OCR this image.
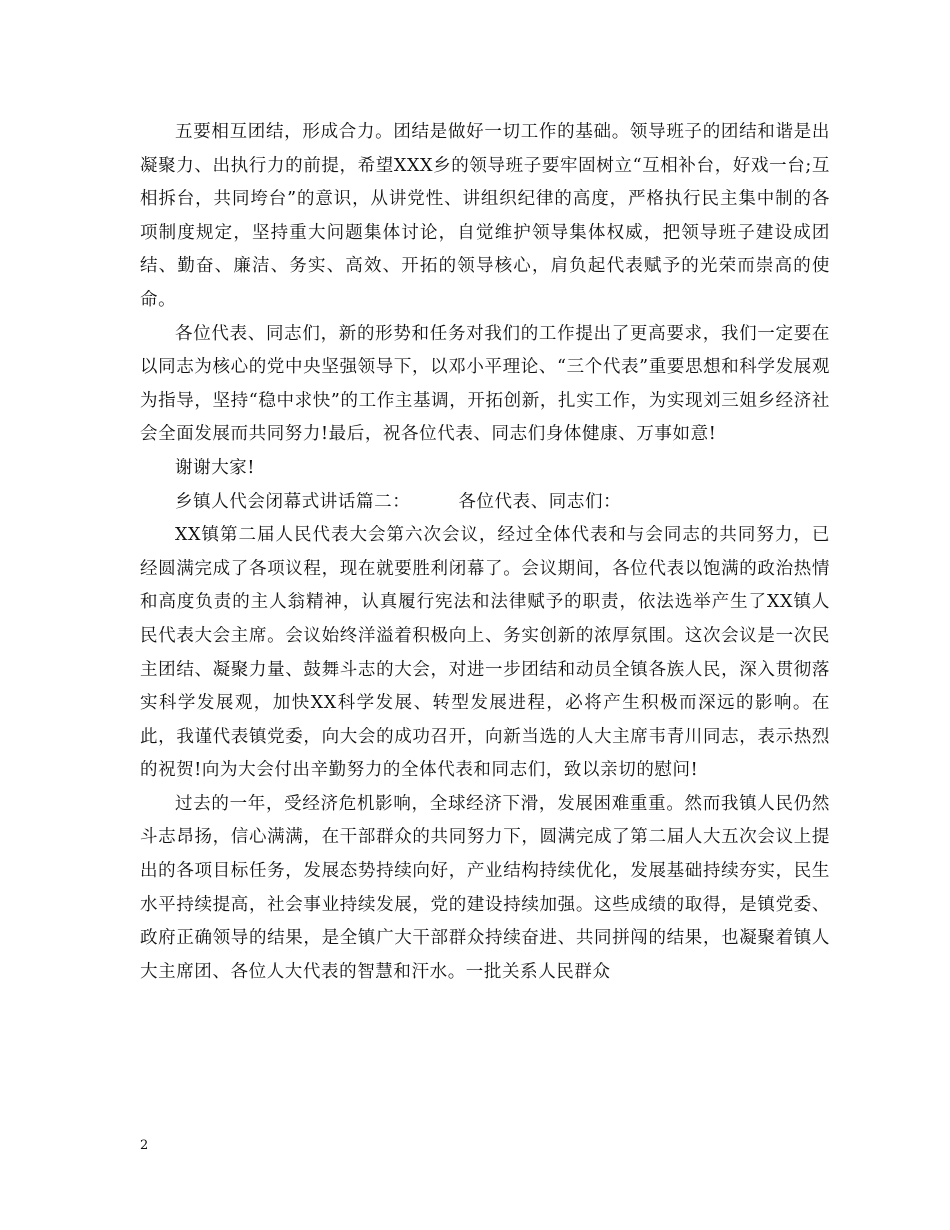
五要相互团结，形成合力。团结是做好一切工作的基础。领导班子的团结和谐是出凝聚力、出执行力的前提，希望XXX乡的领导班子要牢固树立“互相补台，好戏一台;互相拆台，共同垮台”的意识，从讲党性、讲组织纪律的高度，严格执行民主集中制的各项制度规定，坚持重大问题集体讨论，自觉维护领导集体权威，把领导班子建设成团结、勤奋、廉洁、务实、高效、开拓的领导核心，肩负起代表赋予的光荣而崇高的使命。

各位代表、同志们，新的形势和任务对我们的工作提出了更高要求，我们一定要在以同志为核心的党中央坚强领导下，以邓小平理论、“三个代表”重要思想和科学发展观为指导，坚持“稳中求快”的工作主基调，开拓创新，扎实工作，为实现刘三姐乡经济社会全面发展而共同努力!最后，祝各位代表、同志们身体健康、万事如意!

谢谢大家!

乡镇人代会闭幕式讲话篇二：	各位代表、同志们：

XX镇第二届人民代表大会第六次会议，经过全体代表和与会同志的共同努力，已经圆满完成了各项议程，现在就要胜利闭幕了。会议期间，各位代表以饱满的政治热情和高度负责的主人翁精神，认真履行宪法和法律赋予的职责，依法选举产生了XX镇人民代表大会主席。会议始终洋溢着积极向上、务实创新的浓厚氛围。这次会议是一次民主团结、凝聚力量、鼓舞斗志的大会，对进一步团结和动员全镇各族人民，深入贯彻落实科学发展观，加快XX科学发展、转型发展进程，必将产生积极而深远的影响。在此，我谨代表镇党委，向大会的成功召开，向新当选的人大主席韦青川同志，表示热烈的祝贺!向为大会付出辛勤努力的全体代表和同志们，致以亲切的慰问!

过去的一年，受经济危机影响，全球经济下滑，发展困难重重。然而我镇人民仍然斗志昂扬，信心满满，在干部群众的共同努力下，圆满完成了第二届人大五次会议上提出的各项目标任务，发展态势持续向好，产业结构持续优化，发展基础持续夯实，民生水平持续提高，社会事业持续发展，党的建设持续加强。这些成绩的取得，是镇党委、政府正确领导的结果，是全镇广大干部群众持续奋进、共同拼闯的结果，也凝聚着镇人大主席团、各位人大代表的智慧和汗水。一批关系人民群众

2
